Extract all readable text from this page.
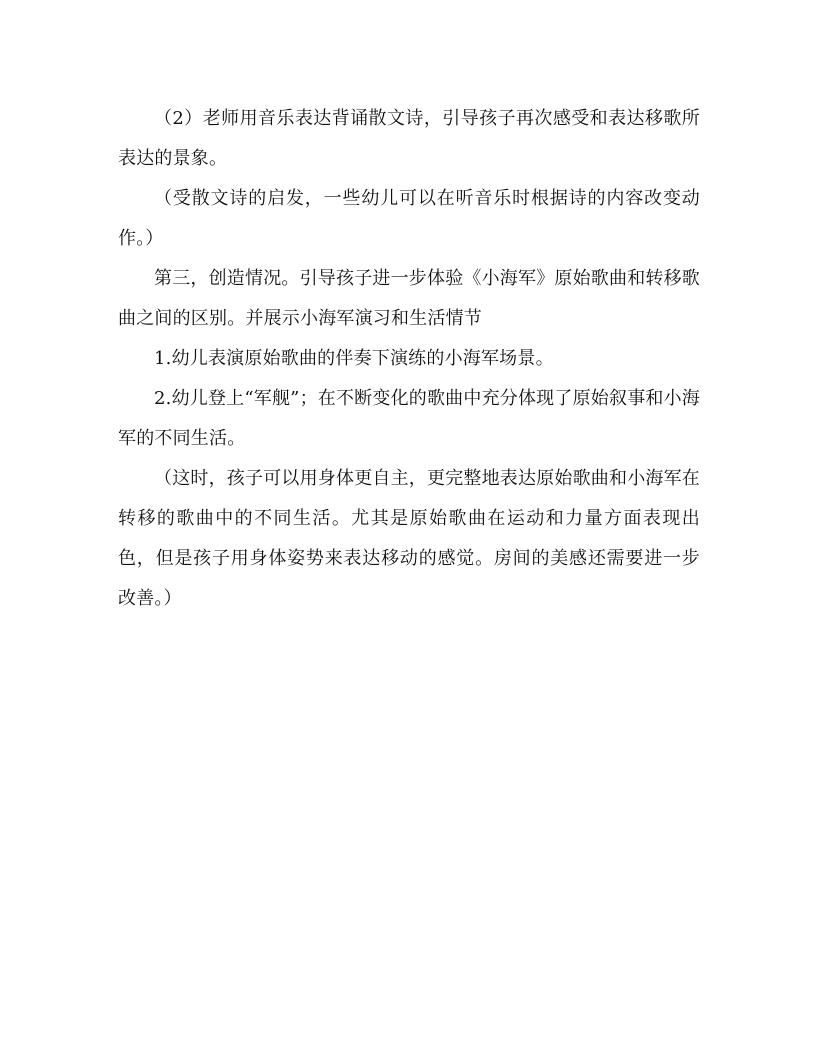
（2）老师用音乐表达背诵散文诗，引导孩子再次感受和表达移歌所表达的景象。

（受散文诗的启发，一些幼儿可以在听音乐时根据诗的内容改变动作。）

第三，创造情况。引导孩子进一步体验《小海军》原始歌曲和转移歌曲之间的区别。并展示小海军演习和生活情节

1.幼儿表演原始歌曲的伴奏下演练的小海军场景。

2.幼儿登上“军舰”；在不断变化的歌曲中充分体现了原始叙事和小海军的不同生活。

（这时，孩子可以用身体更自主，更完整地表达原始歌曲和小海军在转移的歌曲中的不同生活。尤其是原始歌曲在运动和力量方面表现出色，但是孩子用身体姿势来表达移动的感觉。房间的美感还需要进一步改善。）
